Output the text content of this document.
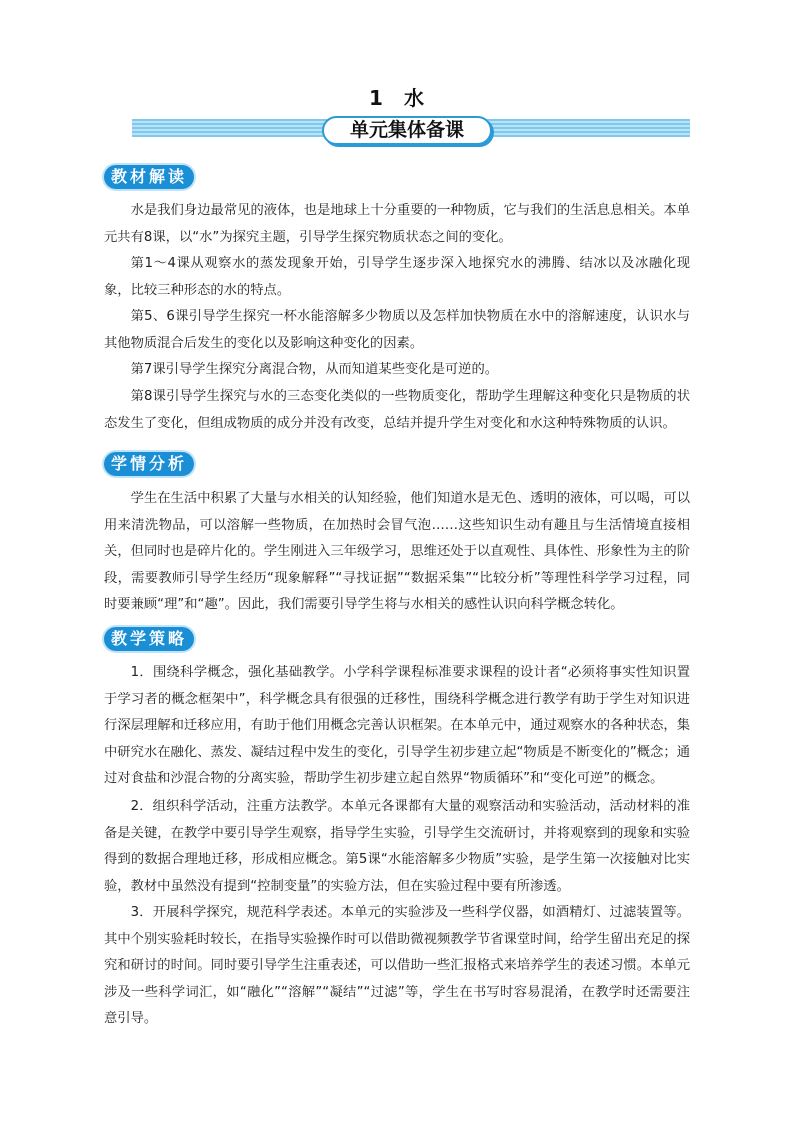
1 水
单元集体备课
教材解读

水是我们身边最常见的液体，也是地球上十分重要的一种物质，它与我们的生活息息相关。本单元共有8课，以“水”为探究主题，引导学生探究物质状态之间的变化。

第1～4课从观察水的蒸发现象开始，引导学生逐步深入地探究水的沸腾、结冰以及冰融化现象，比较三种形态的水的特点。

第5、6课引导学生探究一杯水能溶解多少物质以及怎样加快物质在水中的溶解速度，认识水与其他物质混合后发生的变化以及影响这种变化的因素。

第7课引导学生探究分离混合物，从而知道某些变化是可逆的。

第8课引导学生探究与水的三态变化类似的一些物质变化，帮助学生理解这种变化只是物质的状态发生了变化，但组成物质的成分并没有改变，总结并提升学生对变化和水这种特殊物质的认识。

学情分析

学生在生活中积累了大量与水相关的认知经验，他们知道水是无色、透明的液体，可以喝，可以用来清洗物品，可以溶解一些物质，在加热时会冒气泡……这些知识生动有趣且与生活情境直接相关，但同时也是碎片化的。学生刚进入三年级学习，思维还处于以直观性、具体性、形象性为主的阶段，需要教师引导学生经历“现象解释”“寻找证据”“数据采集”“比较分析”等理性科学学习过程，同时要兼顾“理”和“趣”。因此，我们需要引导学生将与水相关的感性认识向科学概念转化。

教学策略

1．围绕科学概念，强化基础教学。小学科学课程标准要求课程的设计者“必须将事实性知识置于学习者的概念框架中”，科学概念具有很强的迁移性，围绕科学概念进行教学有助于学生对知识进行深层理解和迁移应用，有助于他们用概念完善认识框架。在本单元中，通过观察水的各种状态，集中研究水在融化、蒸发、凝结过程中发生的变化，引导学生初步建立起“物质是不断变化的”概念；通过对食盐和沙混合物的分离实验，帮助学生初步建立起自然界“物质循环”和“变化可逆”的概念。

2．组织科学活动，注重方法教学。本单元各课都有大量的观察活动和实验活动，活动材料的准备是关键，在教学中要引导学生观察，指导学生实验，引导学生交流研讨，并将观察到的现象和实验得到的数据合理地迁移，形成相应概念。第5课“水能溶解多少物质”实验，是学生第一次接触对比实验，教材中虽然没有提到“控制变量”的实验方法，但在实验过程中要有所渗透。

3．开展科学探究，规范科学表述。本单元的实验涉及一些科学仪器，如酒精灯、过滤装置等。其中个别实验耗时较长，在指导实验操作时可以借助微视频教学节省课堂时间，给学生留出充足的探究和研讨的时间。同时要引导学生注重表述，可以借助一些汇报格式来培养学生的表述习惯。本单元涉及一些科学词汇，如“融化”“溶解”“凝结”“过滤”等，学生在书写时容易混淆，在教学时还需要注意引导。
